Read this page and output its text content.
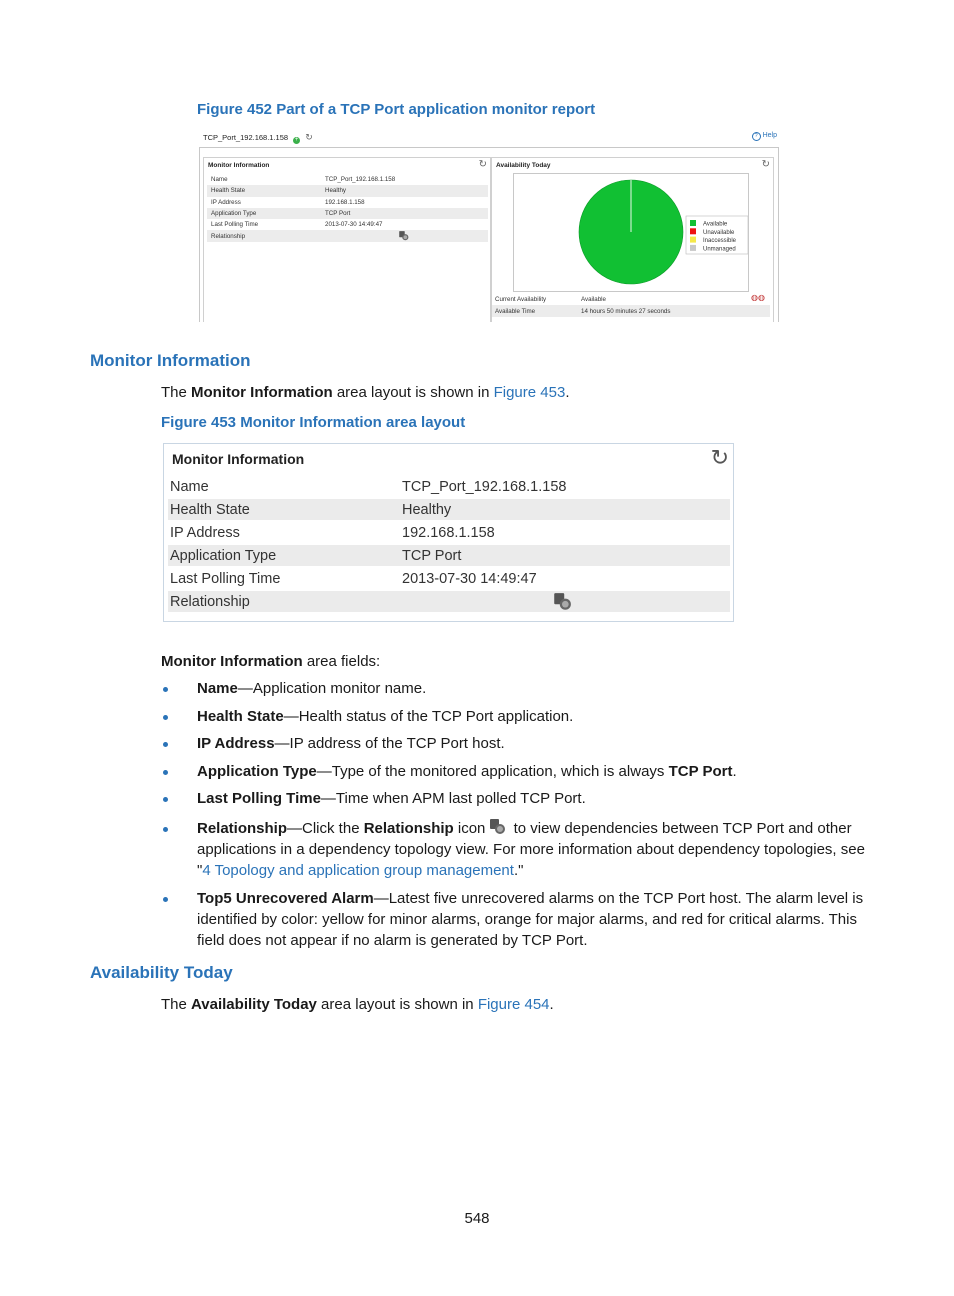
Figure 452 Part of a TCP Port application monitor report
TCP_Port_192.168.1.158 + ↻	? Help
Monitor Information	↻
Name	TCP_Port_192.168.1.158
Health State	Healthy
IP Address	192.168.1.158
Application Type	TCP Port
Last Polling Time	2013-07-30 14:49:47
Relationship	
Availability Today	↻
Available
Unavailable
Inaccessible
Unmanaged
◍◍
Current Availability	Available
Available Time	14 hours 50 minutes 27 seconds
Monitor Information
The Monitor Information area layout is shown in Figure 453.
Figure 453 Monitor Information area layout
Monitor Information	↻
Name	TCP_Port_192.168.1.158
Health State	Healthy
IP Address	192.168.1.158
Application Type	TCP Port
Last Polling Time	2013-07-30 14:49:47
Relationship	
Monitor Information area fields:
Name—Application monitor name.
Health State—Health status of the TCP Port application.
IP Address—IP address of the TCP Port host.
Application Type—Type of the monitored application, which is always TCP Port.
Last Polling Time—Time when APM last polled TCP Port.
Relationship—Click the Relationship icon to view dependencies between TCP Port and other applications in a dependency topology view. For more information about dependency topologies, see "4 Topology and application group management."
Top5 Unrecovered Alarm—Latest five unrecovered alarms on the TCP Port host. The alarm level is identified by color: yellow for minor alarms, orange for major alarms, and red for critical alarms. This field does not appear if no alarm is generated by TCP Port.
Availability Today
The Availability Today area layout is shown in Figure 454.
548
